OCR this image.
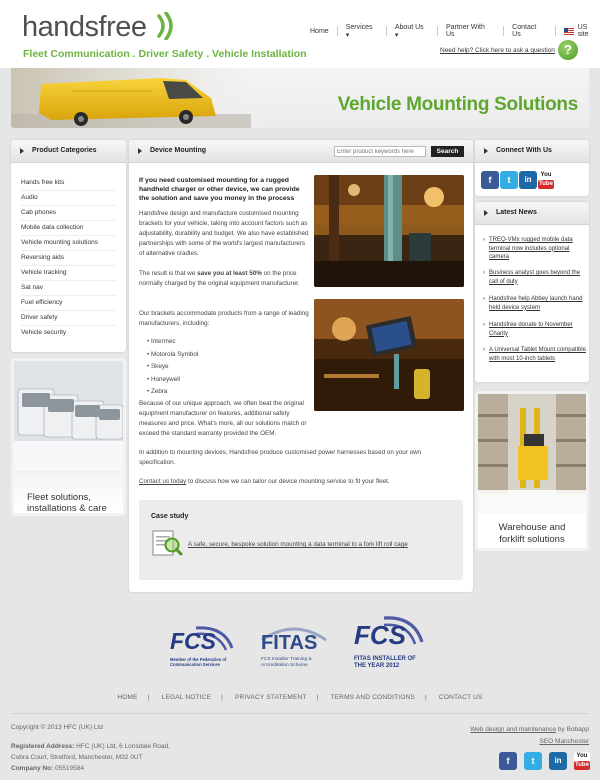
handsfree
Fleet Communication . Driver Safety . Vehicle Installation
Home
Services ▾
About Us ▾
Partner With Us
Contact Us
US site
Need help? Click here to ask a question ?
Vehicle Mounting Solutions
Product Categories
Hands free kits
Audio
Cab phones
Mobile data collection
Vehicle mounting solutions
Reversing aids
Vehicle tracking
Sat nav
Fuel efficiency
Driver safety
Vehicle security
Fleet solutions, installations & care
Device Mounting
Enter product keywords here	Search
If you need customised mounting for a rugged handheld charger or other device, we can provide the solution and save you money in the process
Handsfree design and manufacture customised mounting brackets for your vehicle, taking into account factors such as adjustability, durability and budget. We also have established partnerships with some of the world's largest manufacturers of alternative cradles.
The result is that we save you at least 50% on the price normally charged by the original equipment manufacturer.
Our brackets accommodate products from a range of leading manufacturers, including:
• Intermec
• Motorola Symbol
• Skeye
• Honeywell
• Zebra
Because of our unique approach, we often beat the original equipment manufacturer on features, additional safety measures and price. What's more, all our solutions match or exceed the standard warranty provided the OEM.
In addition to mounting devices, Handsfree produce customised power harnesses based on your own specification.
Contact us today to discuss how we can tailor our device mounting service to fit your fleet.
Case study
A safe, secure, bespoke solution mounting a data terminal to a fork lift roll cage
Connect With Us
f	t	in	You
Tube
Latest News
› TREQ-VMx rugged mobile data terminal now includes optional camera
› Business analyst goes beyond the call of duty
› Handsfree help Abbey launch hand held device system
› Handsfree donate to November Charity
› A Universal Tablet Mount compatible with most 10-inch tablets
Warehouse and forklift solutions
FCS
Member of the Federation of Communication Services
FITAS
FCS Installer Training & Accreditation Scheme
FCS
FITAS INSTALLER OF THE YEAR 2012
HOME | LEGAL NOTICE | PRIVACY STATEMENT | TERMS AND CONDITIONS | CONTACT US
Copyright © 2013 HFC (UK) Ltd
Registered Address: HFC (UK) Ltd, 6 Lonsdale Road,
Cobra Court, Stretford, Manchester, M32 0UT
Company No: 05519584
Web design and maintenance by Bobapp
SEO Manchester
f	t	in	You
Tube
